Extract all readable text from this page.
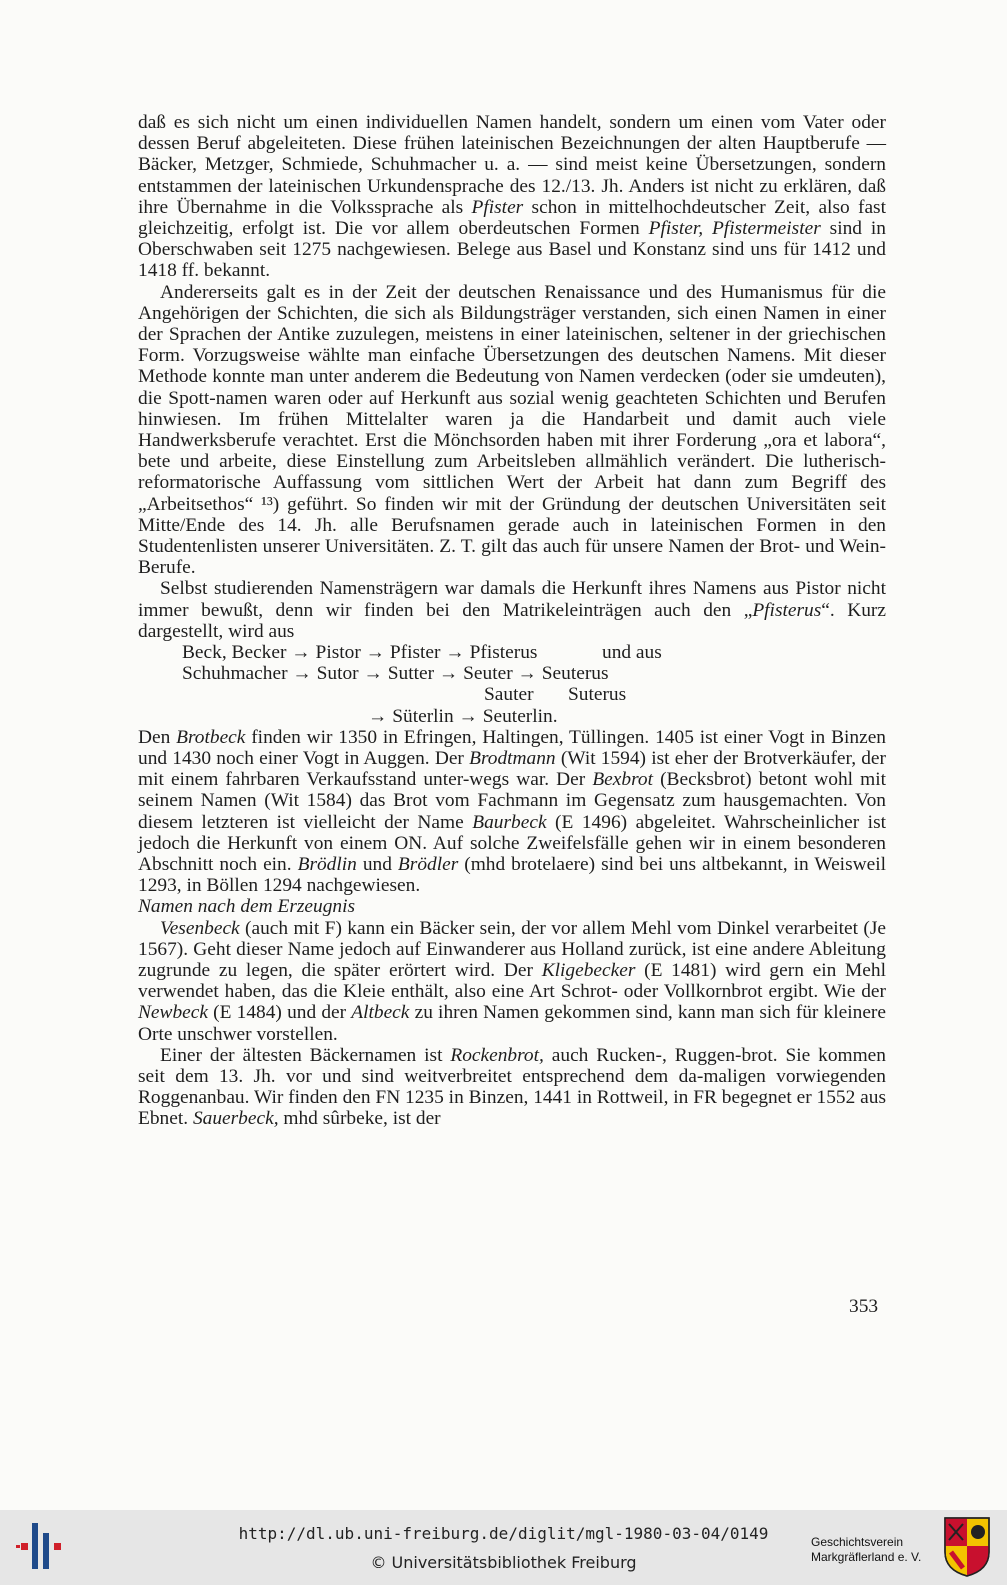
daß es sich nicht um einen individuellen Namen handelt, sondern um einen vom Vater oder dessen Beruf abgeleiteten. Diese frühen lateinischen Bezeichnungen der alten Hauptberufe — Bäcker, Metzger, Schmiede, Schuhmacher u. a. — sind meist keine Übersetzungen, sondern entstammen der lateinischen Urkundensprache des 12./13. Jh. Anders ist nicht zu erklären, daß ihre Übernahme in die Volkssprache als Pfister schon in mittelhochdeutscher Zeit, also fast gleichzeitig, erfolgt ist. Die vor allem oberdeutschen Formen Pfister, Pfistermeister sind in Oberschwaben seit 1275 nachgewiesen. Belege aus Basel und Konstanz sind uns für 1412 und 1418 ff. bekannt.

Andererseits galt es in der Zeit der deutschen Renaissance und des Humanismus für die Angehörigen der Schichten, die sich als Bildungsträger verstanden, sich einen Namen in einer der Sprachen der Antike zuzulegen, meistens in einer lateinischen, seltener in der griechischen Form. Vorzugsweise wählte man einfache Übersetzungen des deutschen Namens. Mit dieser Methode konnte man unter anderem die Bedeutung von Namen verdecken (oder sie umdeuten), die Spott-namen waren oder auf Herkunft aus sozial wenig geachteten Schichten und Berufen hinwiesen. Im frühen Mittelalter waren ja die Handarbeit und damit auch viele Handwerksberufe verachtet. Erst die Mönchsorden haben mit ihrer Forderung „ora et labora“, bete und arbeite, diese Einstellung zum Arbeitsleben allmählich verändert. Die lutherisch-reformatorische Auffassung vom sittlichen Wert der Arbeit hat dann zum Begriff des „Arbeitsethos“ ¹³) geführt. So finden wir mit der Gründung der deutschen Universitäten seit Mitte/Ende des 14. Jh. alle Berufsnamen gerade auch in lateinischen Formen in den Studentenlisten unserer Universitäten. Z. T. gilt das auch für unsere Namen der Brot- und Wein-Berufe.

Selbst studierenden Namensträgern war damals die Herkunft ihres Namens aus Pistor nicht immer bewußt, denn wir finden bei den Matrikeleinträgen auch den „Pfisterus“. Kurz dargestellt, wird aus

Beck, Becker → Pistor → Pfister → Pfisterus

	und aus

Schuhmacher → Sutor → Sutter → Seuter → Seuterus

Sauter

Suterus

→ Süterlin → Seuterlin.

Den Brotbeck finden wir 1350 in Efringen, Haltingen, Tüllingen. 1405 ist einer Vogt in Binzen und 1430 noch einer Vogt in Auggen. Der Brodtmann (Wit 1594) ist eher der Brotverkäufer, der mit einem fahrbaren Verkaufsstand unter-wegs war. Der Bexbrot (Becksbrot) betont wohl mit seinem Namen (Wit 1584) das Brot vom Fachmann im Gegensatz zum hausgemachten. Von diesem letzteren ist vielleicht der Name Baurbeck (E 1496) abgeleitet. Wahrscheinlicher ist jedoch die Herkunft von einem ON. Auf solche Zweifelsfälle gehen wir in einem besonderen Abschnitt noch ein. Brödlin und Brödler (mhd brotelaere) sind bei uns altbekannt, in Weisweil 1293, in Böllen 1294 nachgewiesen.

Namen nach dem Erzeugnis

Vesenbeck (auch mit F) kann ein Bäcker sein, der vor allem Mehl vom Dinkel verarbeitet (Je 1567). Geht dieser Name jedoch auf Einwanderer aus Holland zurück, ist eine andere Ableitung zugrunde zu legen, die später erörtert wird. Der Kligebecker (E 1481) wird gern ein Mehl verwendet haben, das die Kleie enthält, also eine Art Schrot- oder Vollkornbrot ergibt. Wie der Newbeck (E 1484) und der Altbeck zu ihren Namen gekommen sind, kann man sich für kleinere Orte unschwer vorstellen.

Einer der ältesten Bäckernamen ist Rockenbrot, auch Rucken-, Ruggen-brot. Sie kommen seit dem 13. Jh. vor und sind weitverbreitet entsprechend dem da-maligen vorwiegenden Roggenanbau. Wir finden den FN 1235 in Binzen, 1441 in Rottweil, in FR begegnet er 1552 aus Ebnet. Sauerbeck, mhd sûrbeke, ist der

353
http://dl.ub.uni-freiburg.de/diglit/mgl-1980-03-04/0149
© Universitätsbibliothek Freiburg
Geschichtsverein
Markgräflerland e. V.
